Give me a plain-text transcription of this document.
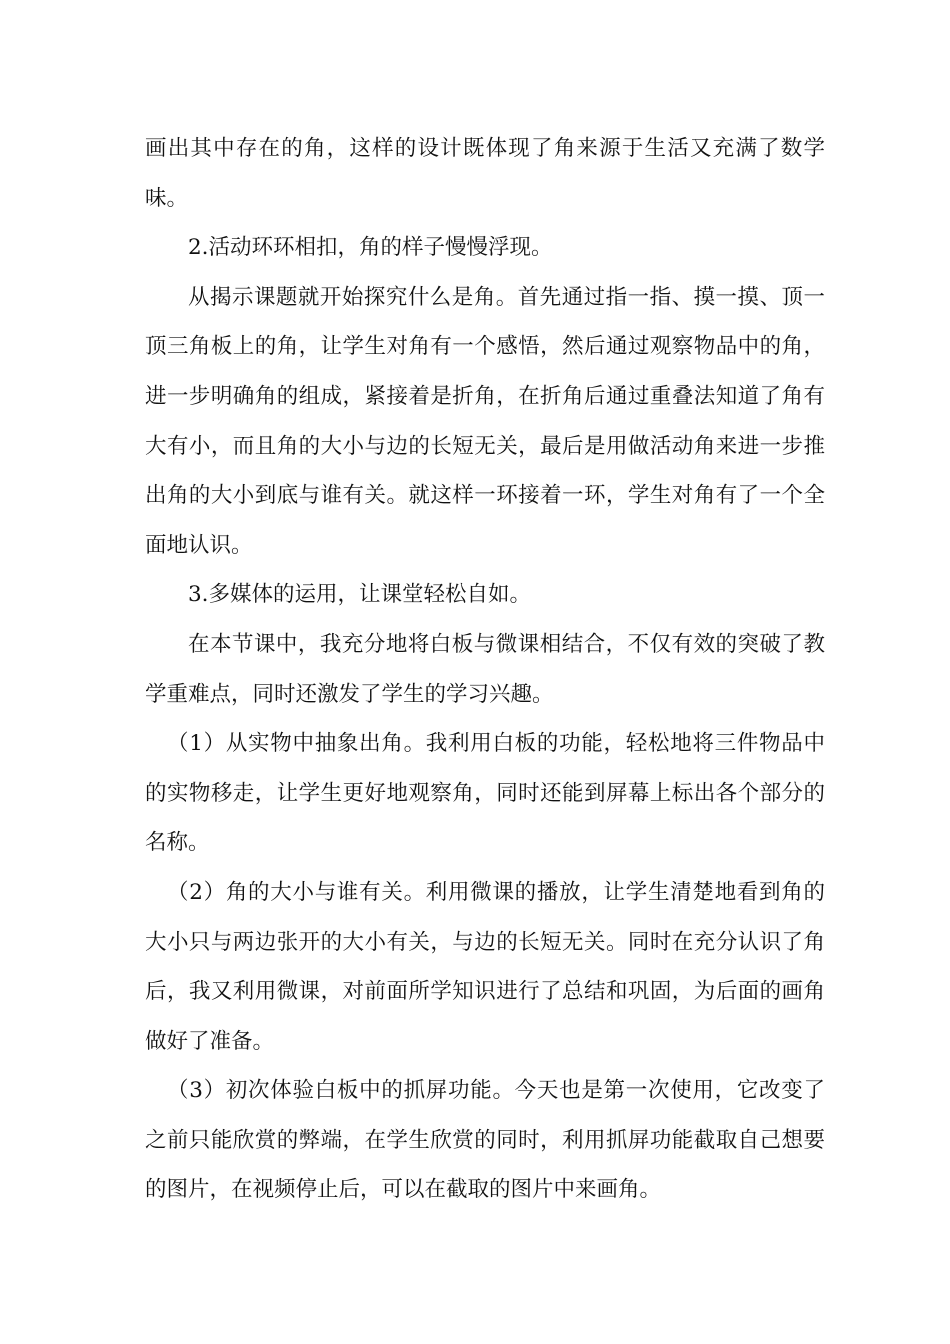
画出其中存在的角，这样的设计既体现了角来源于生活又充满了数学味。

2.活动环环相扣，角的样子慢慢浮现。

从揭示课题就开始探究什么是角。首先通过指一指、摸一摸、顶一顶三角板上的角，让学生对角有一个感悟，然后通过观察物品中的角，进一步明确角的组成，紧接着是折角，在折角后通过重叠法知道了角有大有小，而且角的大小与边的长短无关，最后是用做活动角来进一步推出角的大小到底与谁有关。就这样一环接着一环，学生对角有了一个全面地认识。

3.多媒体的运用，让课堂轻松自如。

在本节课中，我充分地将白板与微课相结合，不仅有效的突破了教学重难点，同时还激发了学生的学习兴趣。

（1）从实物中抽象出角。我利用白板的功能，轻松地将三件物品中的实物移走，让学生更好地观察角，同时还能到屏幕上标出各个部分的名称。

（2）角的大小与谁有关。利用微课的播放，让学生清楚地看到角的大小只与两边张开的大小有关，与边的长短无关。同时在充分认识了角后，我又利用微课，对前面所学知识进行了总结和巩固，为后面的画角做好了准备。

（3）初次体验白板中的抓屏功能。今天也是第一次使用，它改变了之前只能欣赏的弊端，在学生欣赏的同时，利用抓屏功能截取自己想要的图片，在视频停止后，可以在截取的图片中来画角。
